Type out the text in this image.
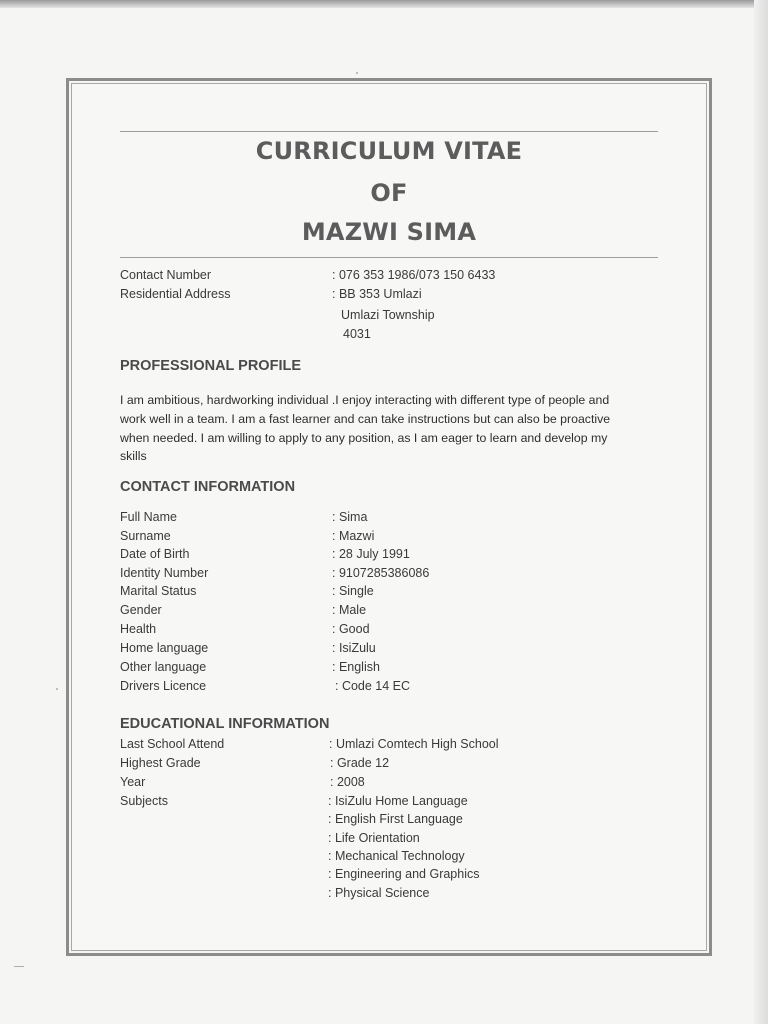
CURRICULUM VITAE
OF
MAZWI SIMA
Contact Number	: 076 353 1986/073 150 6433
Residential Address	: BB 353 Umlazi
Umlazi Township
4031
PROFESSIONAL PROFILE
I am ambitious, hardworking individual .I enjoy interacting with different type of people and
work well in a team. I am a fast learner and can take instructions but can also be proactive
when needed. I am willing to apply to any position, as I am eager to learn and develop my
skills
CONTACT INFORMATION
Full Name	: Sima
Surname	: Mazwi
Date of Birth	: 28 July 1991
Identity Number	: 9107285386086
Marital Status	: Single
Gender	: Male
Health	: Good
Home language	: IsiZulu
Other language	: English
Drivers Licence	: Code 14 EC
EDUCATIONAL INFORMATION
Last School Attend	: Umlazi Comtech High School
Highest Grade	: Grade 12
Year	: 2008
Subjects	: IsiZulu Home Language
: English First Language
: Life Orientation
: Mechanical Technology
: Engineering and Graphics
: Physical Science
